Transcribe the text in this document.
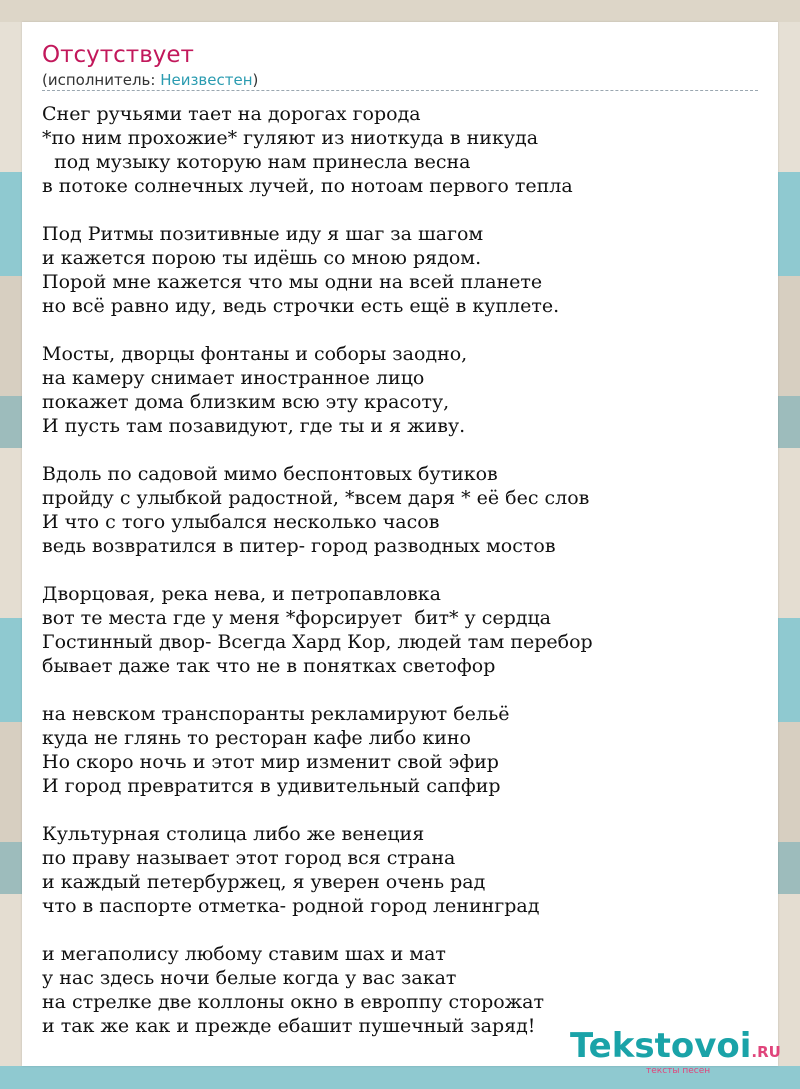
Отсутствует
(исполнитель: Неизвестен)
Снег ручьями тает на дорогах города
*по ним прохожие* гуляют из ниоткуда в никуда
под музыку которую нам принесла весна
в потоке солнечных лучей, по нотоам первого тепла
Под Ритмы позитивные иду я шаг за шагом
и кажется порою ты идёшь со мною рядом.
Порой мне кажется что мы одни на всей планете
но всё равно иду, ведь строчки есть ещё в куплете.
Мосты, дворцы фонтаны и соборы заодно,
на камеру снимает иностранное лицо
покажет дома близким всю эту красоту,
И пусть там позавидуют, где ты и я живу.
Вдоль по садовой мимо беспонтовых бутиков
пройду с улыбкой радостной, *всем даря * её бес слов
И что с того улыбался несколько часов
ведь возвратился в питер- город разводных мостов
Дворцовая, река нева, и петропавловка
вот те места где у меня *форсирует  бит* у сердца
Гостинный двор- Всегда Хард Кор, людей там перебор
бывает даже так что не в понятках светофор
на невском транспоранты рекламируют бельё
куда не глянь то ресторан кафе либо кино
Но скоро ночь и этот мир изменит свой эфир
И город превратится в удивительный сапфир
Культурная столица либо же венеция
по праву называет этот город вся страна
и каждый петербуржец, я уверен очень рад
что в паспорте отметка- родной город ленинград
и мегаполису любому ставим шах и мат
у нас здесь ночи белые когда у вас закат
на стрелке две коллоны окно в европпу сторожат
и так же как и прежде ебашит пушечный заряд!	Tekstovoi.RU
тексты песен
